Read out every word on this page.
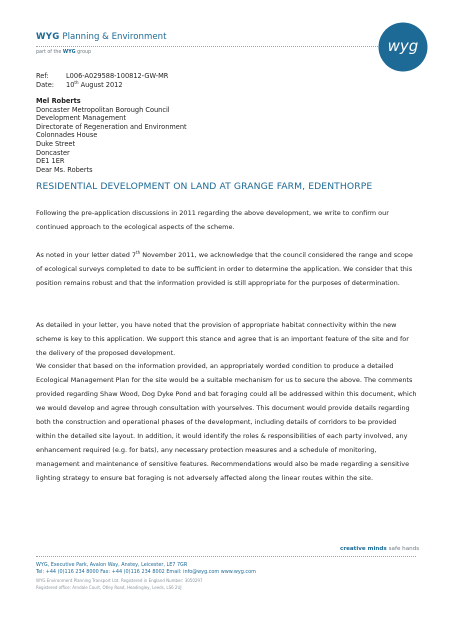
WYG Planning & Environment
part of the WYG group	wyg
Ref:	L006-A029588-100812-GW-MR
Date:	10th August 2012
Mel Roberts
Doncaster Metropolitan Borough Council
Development Management
Directorate of Regeneration and Environment
Colonnades House
Duke Street
Doncaster
DE1 1ER
Dear Ms. Roberts
RESIDENTIAL DEVELOPMENT ON LAND AT GRANGE FARM, EDENTHORPE
Following the pre-application discussions in 2011 regarding the above development, we write to confirm our continued approach to the ecological aspects of the scheme.
As noted in your letter dated 7th November 2011, we acknowledge that the council considered the range and scope of ecological surveys completed to date to be sufficient in order to determine the application. We consider that this position remains robust and that the information provided is still appropriate for the purposes of determination.
As detailed in your letter, you have noted that the provision of appropriate habitat connectivity within the new scheme is key to this application. We support this stance and agree that is an important feature of the site and for the delivery of the proposed development.
We consider that based on the information provided, an appropriately worded condition to produce a detailed Ecological Management Plan for the site would be a suitable mechanism for us to secure the above. The comments provided regarding Shaw Wood, Dog Dyke Pond and bat foraging could all be addressed within this document, which we would develop and agree through consultation with yourselves. This document would provide details regarding both the construction and operational phases of the development, including details of corridors to be provided within the detailed site layout. In addition, it would identify the roles & responsibilities of each party involved, any enhancement required (e.g. for bats), any necessary protection measures and a schedule of monitoring, management and maintenance of sensitive features. Recommendations would also be made regarding a sensitive lighting strategy to ensure bat foraging is not adversely affected along the linear routes within the site.
creative minds safe hands
WYG, Executive Park, Avalon Way, Anstey, Leicester, LE7 7GR
Tel: +44 (0)116 234 8000 Fax: +44 (0)116 234 8002 Email: info@wyg.com www.wyg.com
WYG Environment Planning Transport Ltd. Registered in England Number: 3050297
Registered office: Arndale Court, Otley Road, Headingley, Leeds, LS6 2UJ
